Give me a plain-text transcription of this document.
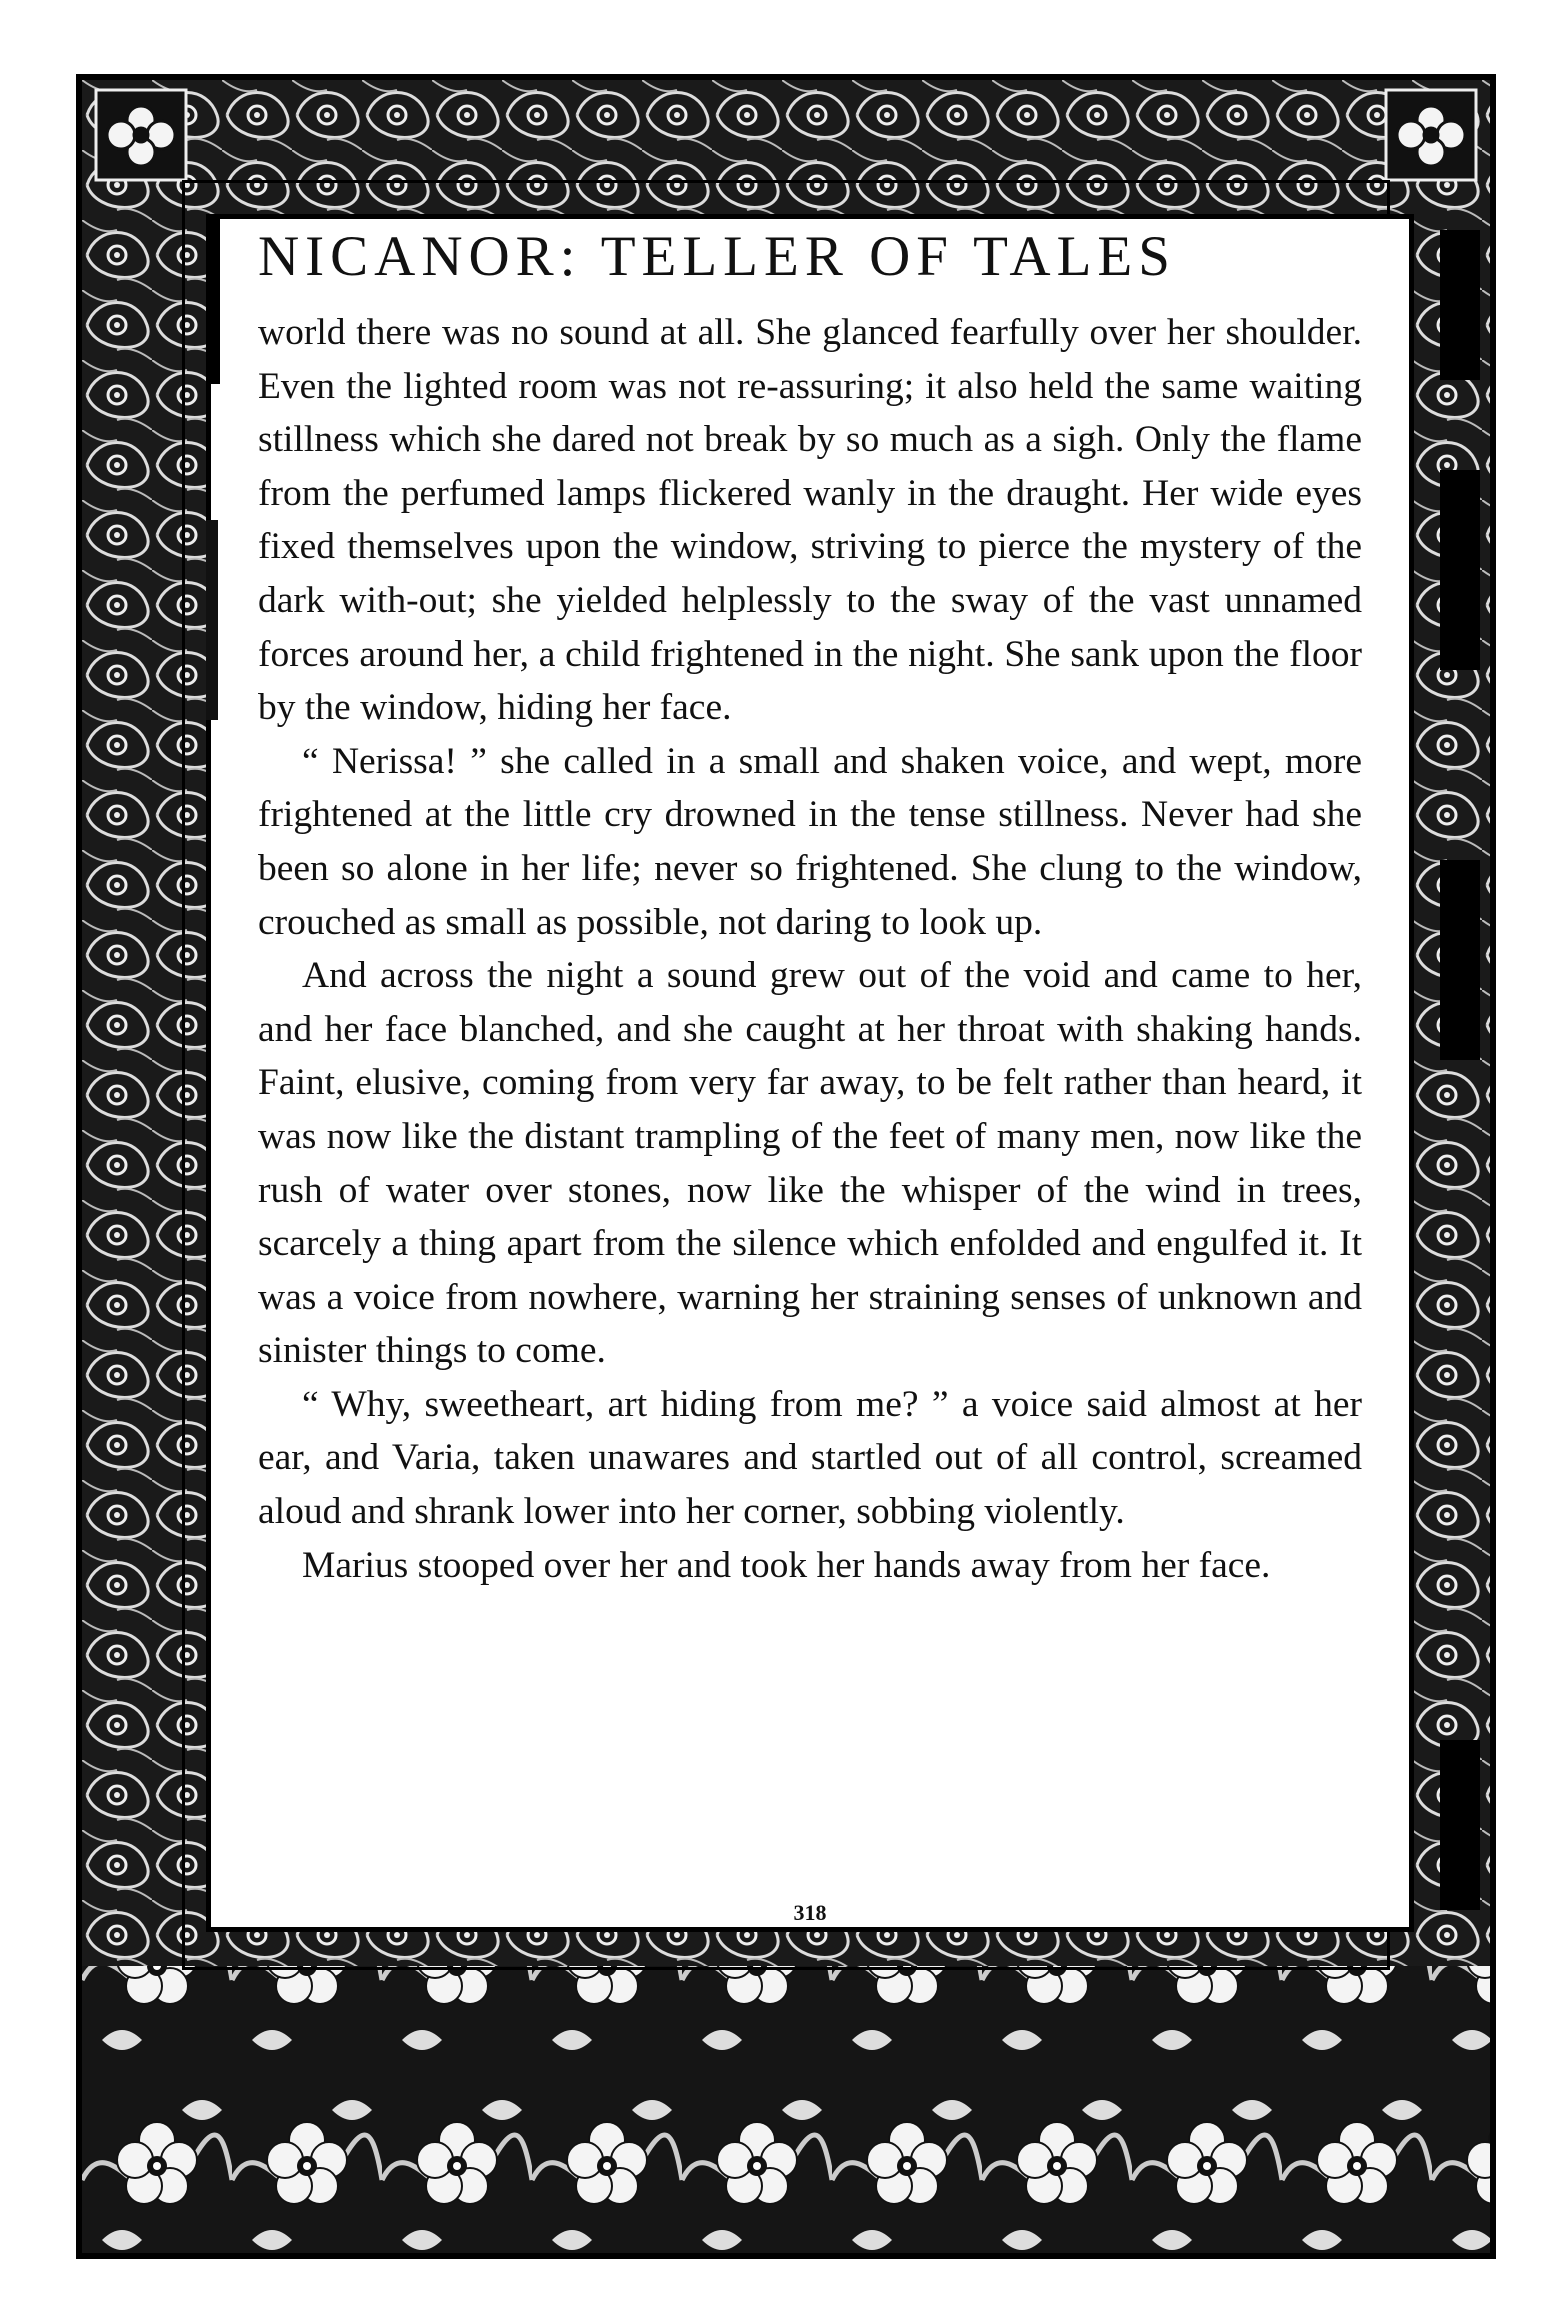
NICANOR: TELLER OF TALES

world there was no sound at all. She glanced fearfully over her shoulder. Even the lighted room was not re-assuring; it also held the same waiting stillness which she dared not break by so much as a sigh. Only the flame from the perfumed lamps flickered wanly in the draught. Her wide eyes fixed themselves upon the window, striving to pierce the mystery of the dark with-out; she yielded helplessly to the sway of the vast unnamed forces around her, a child frightened in the night. She sank upon the floor by the window, hiding her face.

“ Nerissa! ” she called in a small and shaken voice, and wept, more frightened at the little cry drowned in the tense stillness. Never had she been so alone in her life; never so frightened. She clung to the window, crouched as small as possible, not daring to look up.

And across the night a sound grew out of the void and came to her, and her face blanched, and she caught at her throat with shaking hands. Faint, elusive, coming from very far away, to be felt rather than heard, it was now like the distant trampling of the feet of many men, now like the rush of water over stones, now like the whisper of the wind in trees, scarcely a thing apart from the silence which enfolded and engulfed it. It was a voice from nowhere, warning her straining senses of unknown and sinister things to come.

“ Why, sweetheart, art hiding from me? ” a voice said almost at her ear, and Varia, taken unawares and startled out of all control, screamed aloud and shrank lower into her corner, sobbing violently.

Marius stooped over her and took her hands away from her face.

318
